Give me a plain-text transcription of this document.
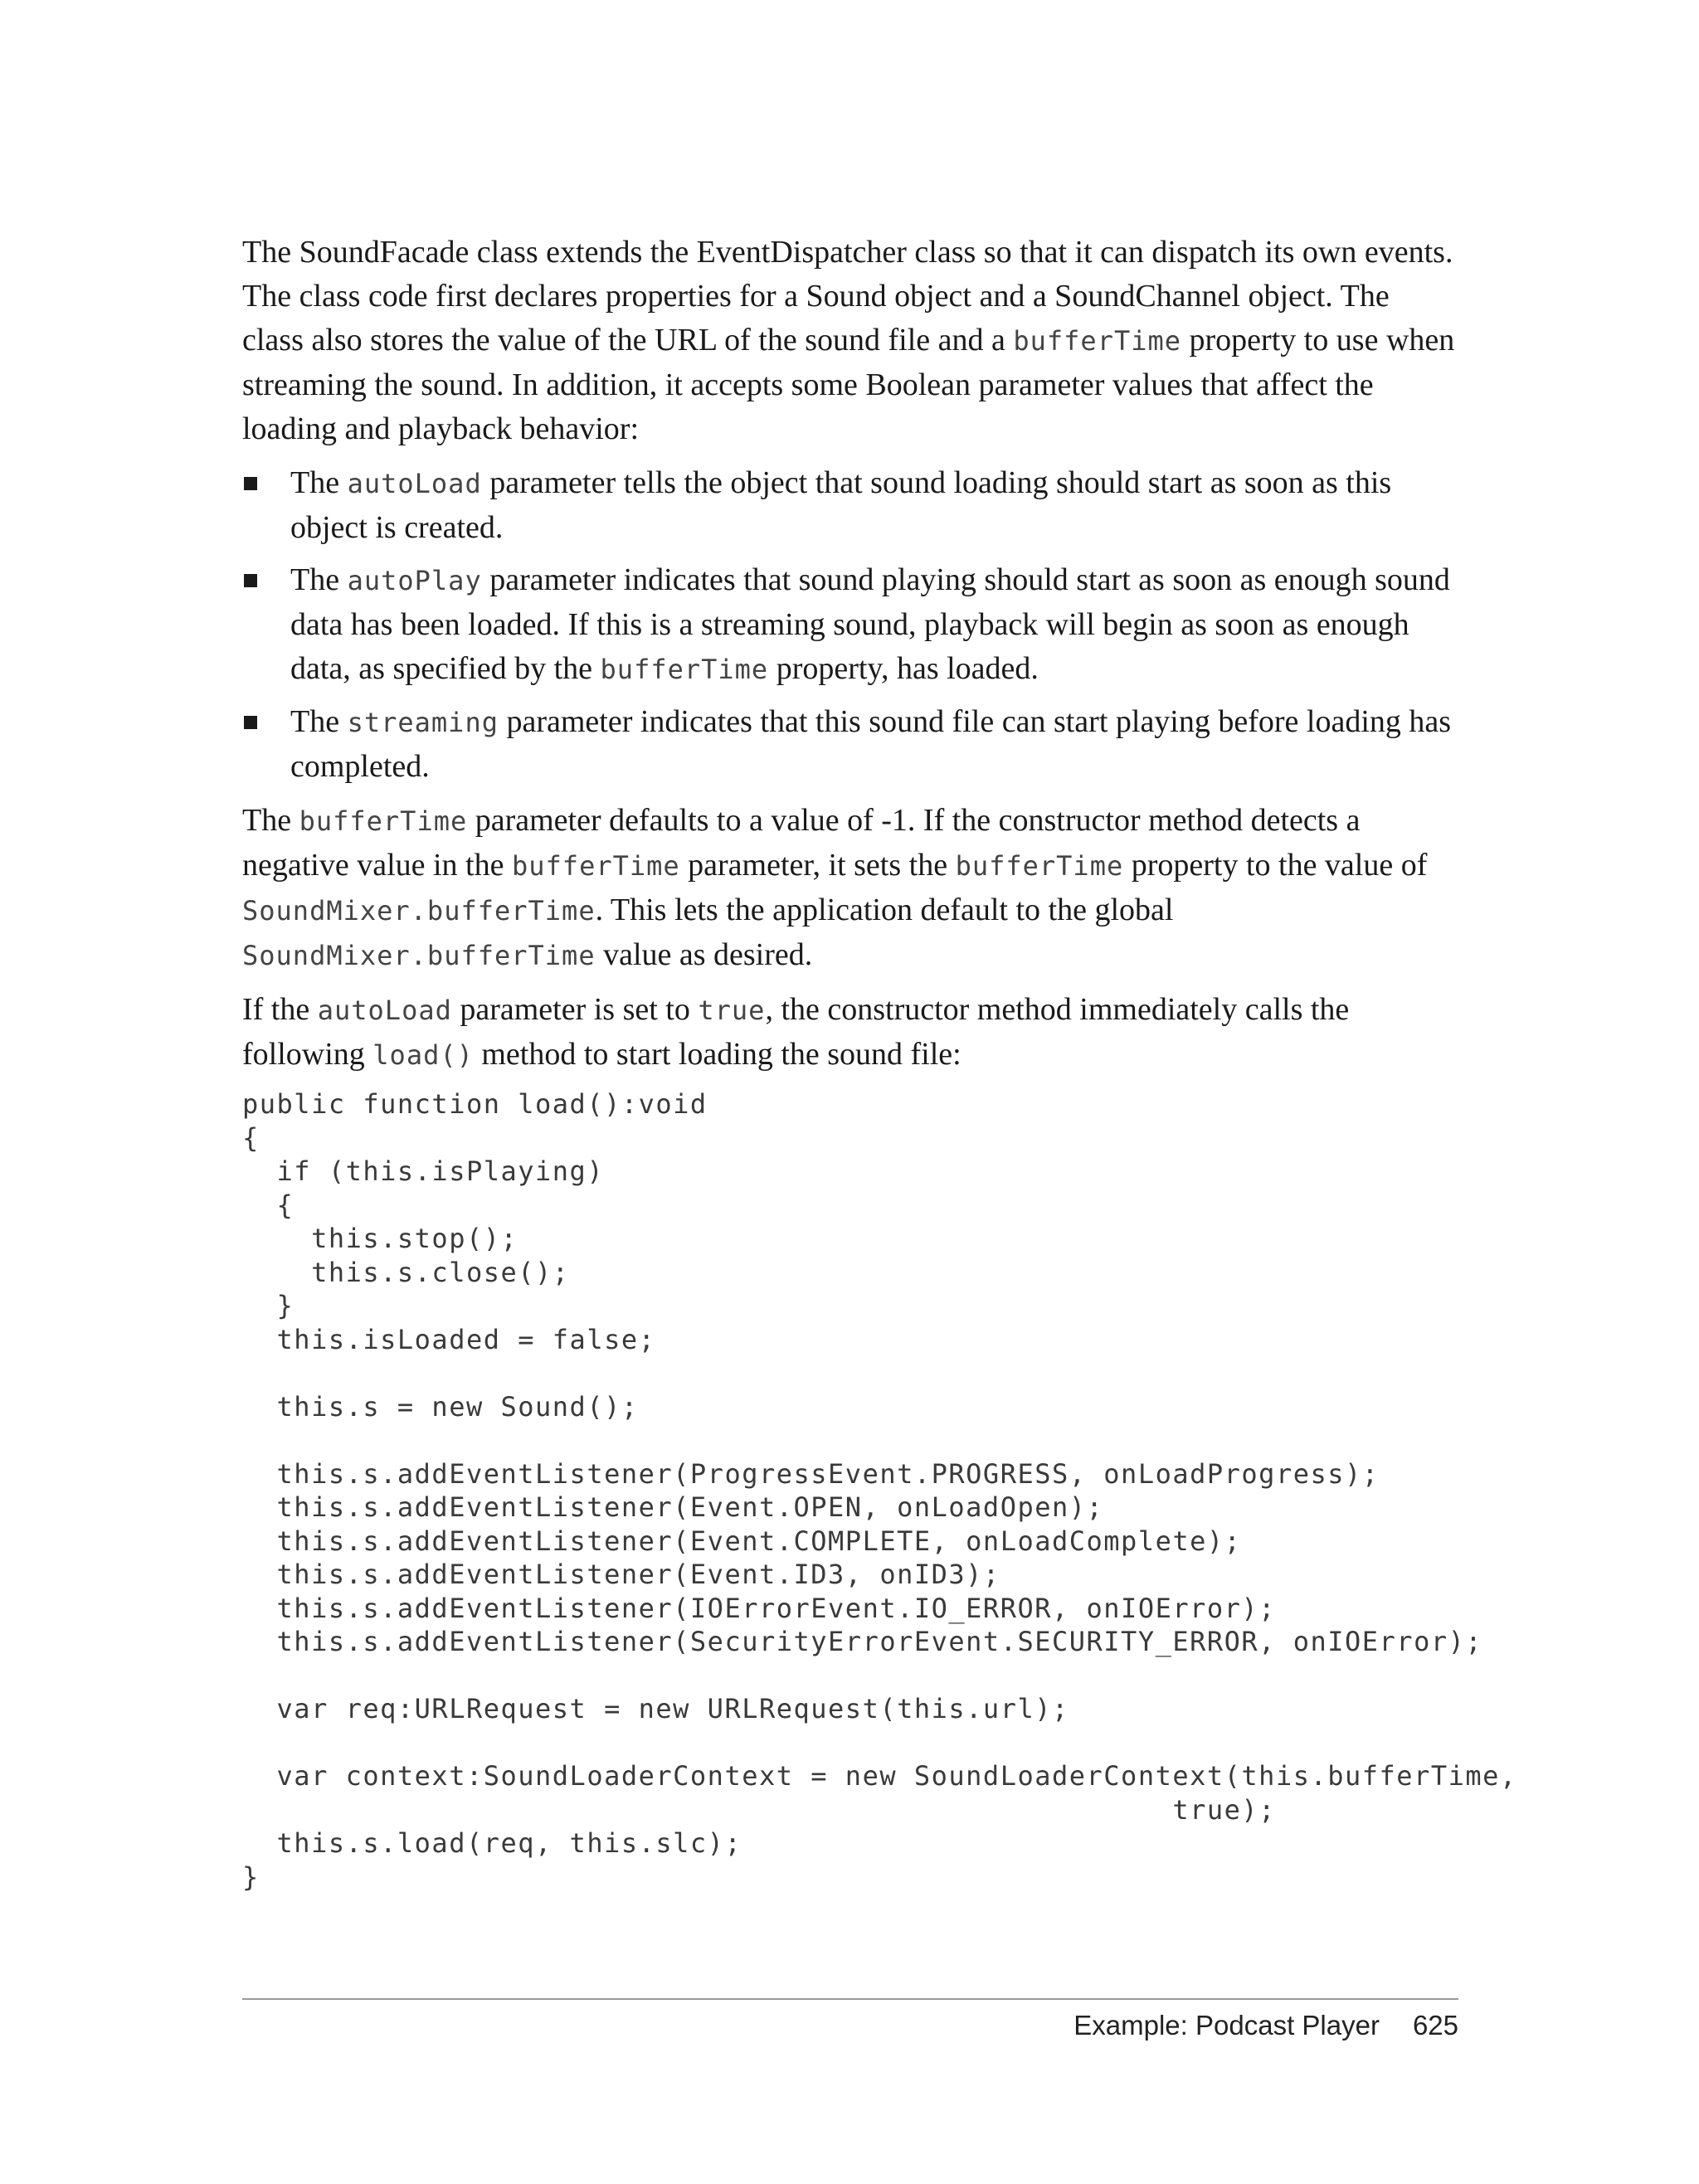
The SoundFacade class extends the EventDispatcher class so that it can dispatch its own events. The class code first declares properties for a Sound object and a SoundChannel object. The class also stores the value of the URL of the sound file and a bufferTime property to use when streaming the sound. In addition, it accepts some Boolean parameter values that affect the loading and playback behavior:

The autoLoad parameter tells the object that sound loading should start as soon as this object is created.
The autoPlay parameter indicates that sound playing should start as soon as enough sound data has been loaded. If this is a streaming sound, playback will begin as soon as enough data, as specified by the bufferTime property, has loaded.
The streaming parameter indicates that this sound file can start playing before loading has completed.

The bufferTime parameter defaults to a value of -1. If the constructor method detects a negative value in the bufferTime parameter, it sets the bufferTime property to the value of SoundMixer.bufferTime. This lets the application default to the global SoundMixer.bufferTime value as desired.

If the autoLoad parameter is set to true, the constructor method immediately calls the following load() method to start loading the sound file:

public function load():void
{
if (this.isPlaying)
{
this.stop();
this.s.close();
}
this.isLoaded = false;

this.s = new Sound();

this.s.addEventListener(ProgressEvent.PROGRESS, onLoadProgress);
this.s.addEventListener(Event.OPEN, onLoadOpen);
this.s.addEventListener(Event.COMPLETE, onLoadComplete);
this.s.addEventListener(Event.ID3, onID3);
this.s.addEventListener(IOErrorEvent.IO_ERROR, onIOError);
this.s.addEventListener(SecurityErrorEvent.SECURITY_ERROR, onIOError);

var req:URLRequest = new URLRequest(this.url);

var context:SoundLoaderContext = new SoundLoaderContext(this.bufferTime,
true);
this.s.load(req, this.slc);
}
Example: Podcast Player 625
